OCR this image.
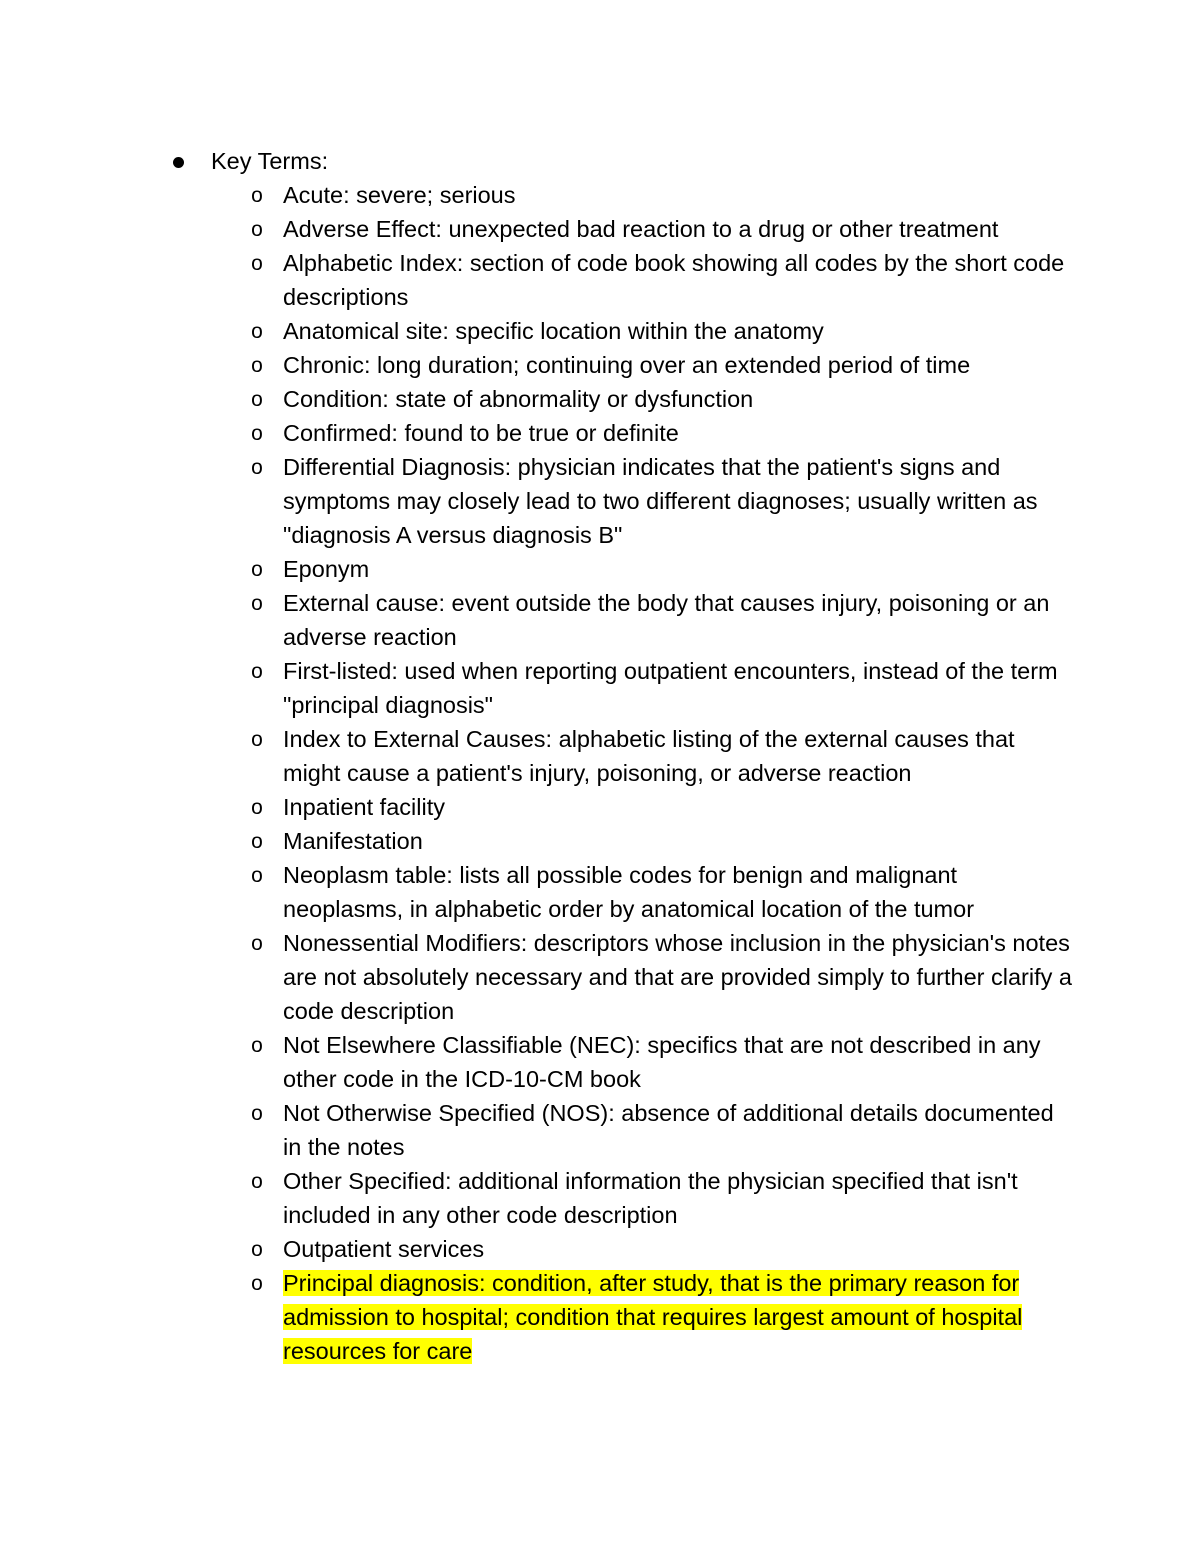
Key Terms:
o Acute: severe; serious
o Adverse Effect: unexpected bad reaction to a drug or other treatment
o Alphabetic Index: section of code book showing all codes by the short code descriptions
o Anatomical site: specific location within the anatomy
o Chronic: long duration; continuing over an extended period of time
o Condition: state of abnormality or dysfunction
o Confirmed: found to be true or definite
o Differential Diagnosis: physician indicates that the patient's signs and symptoms may closely lead to two different diagnoses; usually written as "diagnosis A versus diagnosis B"
o Eponym
o External cause: event outside the body that causes injury, poisoning or an adverse reaction
o First-listed: used when reporting outpatient encounters, instead of the term "principal diagnosis"
o Index to External Causes: alphabetic listing of the external causes that might cause a patient's injury, poisoning, or adverse reaction
o Inpatient facility
o Manifestation
o Neoplasm table: lists all possible codes for benign and malignant neoplasms, in alphabetic order by anatomical location of the tumor
o Nonessential Modifiers: descriptors whose inclusion in the physician's notes are not absolutely necessary and that are provided simply to further clarify a code description
o Not Elsewhere Classifiable (NEC): specifics that are not described in any other code in the ICD-10-CM book
o Not Otherwise Specified (NOS): absence of additional details documented in the notes
o Other Specified: additional information the physician specified that isn't included in any other code description
o Outpatient services
o Principal diagnosis: condition, after study, that is the primary reason for admission to hospital; condition that requires largest amount of hospital resources for care
